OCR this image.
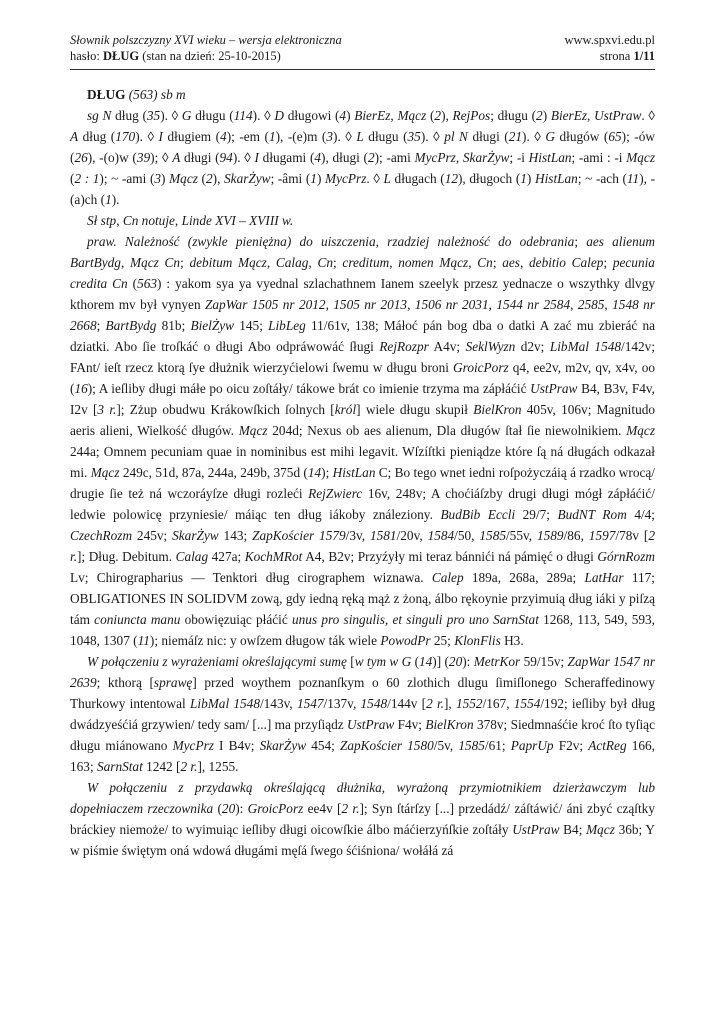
Słownik polszczyzny XVI wieku – wersja elektroniczna	www.spxvi.edu.pl
hasło: DŁUG (stan na dzień: 25-10-2015)	strona 1/11

DŁUG (563) sb m

sg N dług (35). ◊ G długu (114). ◊ D długowi (4) BierEz, Mącz (2), RejPos; długu (2) BierEz, UstPraw. ◊ A dług (170). ◊ I długiem (4); -em (1), -(e)m (3). ◊ L długu (35). ◊ pl N długi (21). ◊ G długów (65); -ów (26), -(o)w (39); ◊ A długi (94). ◊ I długami (4), długi (2); -ami MycPrz, SkarŻyw; -i HistLan; -ami : -i Mącz (2 : 1); ~ -ami (3) Mącz (2), SkarŻyw; -âmi (1) MycPrz. ◊ L długach (12), długoch (1) HistLan; ~ -ach (11), -(a)ch (1).

Sł stp, Cn notuje, Linde XVI – XVIII w.

praw. Należność (zwykle pieniężna) do uiszczenia, rzadziej należność do odebrania; aes alienum BartBydg, Mącz Cn; debitum Mącz, Calag, Cn; creditum, nomen Mącz, Cn; aes, debitio Calep; pecunia credita Cn (563) : yakom sya ya vyednal szlachathnem Ianem szeelyk przesz yednacze o wszythky dlvgy kthorem mv był vynyen ZapWar 1505 nr 2012, 1505 nr 2013, 1506 nr 2031, 1544 nr 2584, 2585, 1548 nr 2668; BartBydg 81b; BielŻyw 145; LibLeg 11/61v, 138; Máłoć pán bog dba o datki A zać mu zbieráć na dziatki. Abo ſie troſkáć o długi Abo odpráwowáć ſługi RejRozpr A4v; SeklWyzn d2v; LibMal 1548/142v; FAnt/ ieſt rzecz ktorą ſye dłużnik wierzyćielowi ſwemu w długu broni GroicPorz q4, ee2v, m2v, qv, x4v, oo (16); A ieſliby długi máłe po oicu zoſtáły/ tákowe brát co imienie trzyma ma zápłáćić UstPraw B4, B3v, F4v, I2v [3 r.]; Zżup obudwu Krákowſkich ſolnych [król] wiele długu skupił BielKron 405v, 106v; Magnitudo aeris alieni, Wielkość długów. Mącz 204d; Nexus ob aes alienum, Dla długów ſtał ſie niewolnikiem. Mącz 244a; Omnem pecuniam quae in nominibus est mihi legavit. Wſzíſtki pieniądze które ſą ná długách odkazał mi. Mącz 249c, 51d, 87a, 244a, 249b, 375d (14); HistLan C; Bo tego wnet iedni roſpożyczáią á rzadko wrocą/ drugie ſie też ná wczoráyſze długi rozleći RejZwierc 16v, 248v; A choćiáſzby drugi długi mógł zápłáćić/ ledwie polowicę przyniesie/ máiąc ten dług iákoby ználeziony. BudBib Eccli 29/7; BudNT Rom 4/4; CzechRozm 245v; SkarŻyw 143; ZapKościer 1579/3v, 1581/20v, 1584/50, 1585/55v, 1589/86, 1597/78v [2 r.]; Dług. Debitum. Calag 427a; KochMRot A4, B2v; Przyźyły mi teraz bánnići ná pámięć o długi GórnRozm Lv; Chirographarius — Tenktori dług cirographem wiznawa. Calep 189a, 268a, 289a; LatHar 117; OBLIGATIONES IN SOLIDVM zową, gdy iedną ręką mąż z żoną, álbo rękoynie przyimuią dług iáki y piſzą tám coniuncta manu obowięzuiąc płáćić unus pro singulis, et singuli pro uno SarnStat 1268, 113, 549, 593, 1048, 1307 (11); niemáſz nic: y owſzem długow ták wiele PowodPr 25; KlonFlis H3.

W połączeniu z wyrażeniami określającymi sumę [w tym w G (14)] (20): MetrKor 59/15v; ZapWar 1547 nr 2639; kthorą [sprawę] przed woythem poznanſkym o 60 zlothich dlugu ſimiſlonego Scheraffedinowy Thurkowy intentowal LibMal 1548/143v, 1547/137v, 1548/144v [2 r.], 1552/167, 1554/192; ieſliby był dług dwádzyeśćiá grzywien/ tedy sam/ [...] ma przyſiądz UstPraw F4v; BielKron 378v; Siedmnaśćie kroć ſto tyſiąc długu miánowano MycPrz I B4v; SkarŻyw 454; ZapKościer 1580/5v, 1585/61; PaprUp F2v; ActReg 166, 163; SarnStat 1242 [2 r.], 1255.

W połączeniu z przydawką określającą dłużnika, wyrażoną przymiotnikiem dzierżawczym lub dopełniaczem rzeczownika (20): GroicPorz ee4v [2 r.]; Syn ſtárſzy [...] przedádź/ záſtáwić/ áni zbyć cząſtky bráckiey niemoże/ to wyimuiąc ieſliby długi oicowſkie álbo máćierzyńſkie zoſtáły UstPraw B4; Mącz 36b; Y w piśmie świętym oná wdowá długámi męſá ſwego śćiśniona/ wołáłá zá
